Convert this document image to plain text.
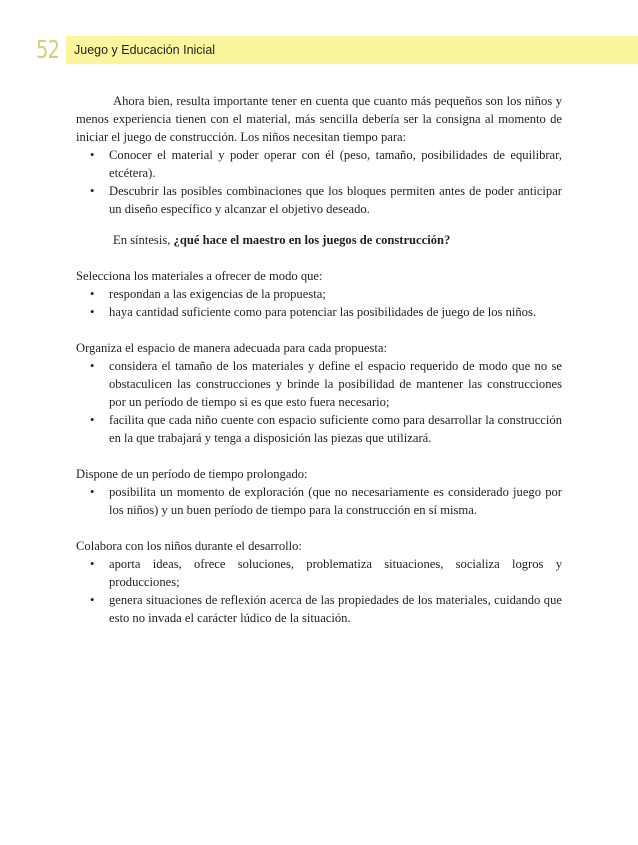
52 Juego y Educación Inicial

Ahora bien, resulta importante tener en cuenta que cuanto más pequeños son los niños y menos experiencia tienen con el material, más sencilla debería ser la consigna al momento de iniciar el juego de construcción. Los niños necesitan tiempo para:

• Conocer el material y poder operar con él (peso, tamaño, posibilidades de equilibrar, etcétera).
• Descubrir las posibles combinaciones que los bloques permiten antes de poder anticipar un diseño específico y alcanzar el objetivo deseado.

En síntesis, ¿qué hace el maestro en los juegos de construcción?

Selecciona los materiales a ofrecer de modo que:

• respondan a las exigencias de la propuesta;
• haya cantidad suficiente como para potenciar las posibilidades de juego de los niños.

Organiza el espacio de manera adecuada para cada propuesta:

• considera el tamaño de los materiales y define el espacio requerido de modo que no se obstaculicen las construcciones y brinde la posibilidad de mantener las construcciones por un período de tiempo si es que esto fuera necesario;
• facilita que cada niño cuente con espacio suficiente como para desarrollar la construcción en la que trabajará y tenga a disposición las piezas que utilizará.

Dispone de un período de tiempo prolongado:

• posibilita un momento de exploración (que no necesariamente es considerado juego por los niños) y un buen período de tiempo para la construcción en sí misma.

Colabora con los niños durante el desarrollo:

• aporta ideas, ofrece soluciones, problematiza situaciones, socializa logros y producciones;
• genera situaciones de reflexión acerca de las propiedades de los materiales, cuidando que esto no invada el carácter lúdico de la situación.
